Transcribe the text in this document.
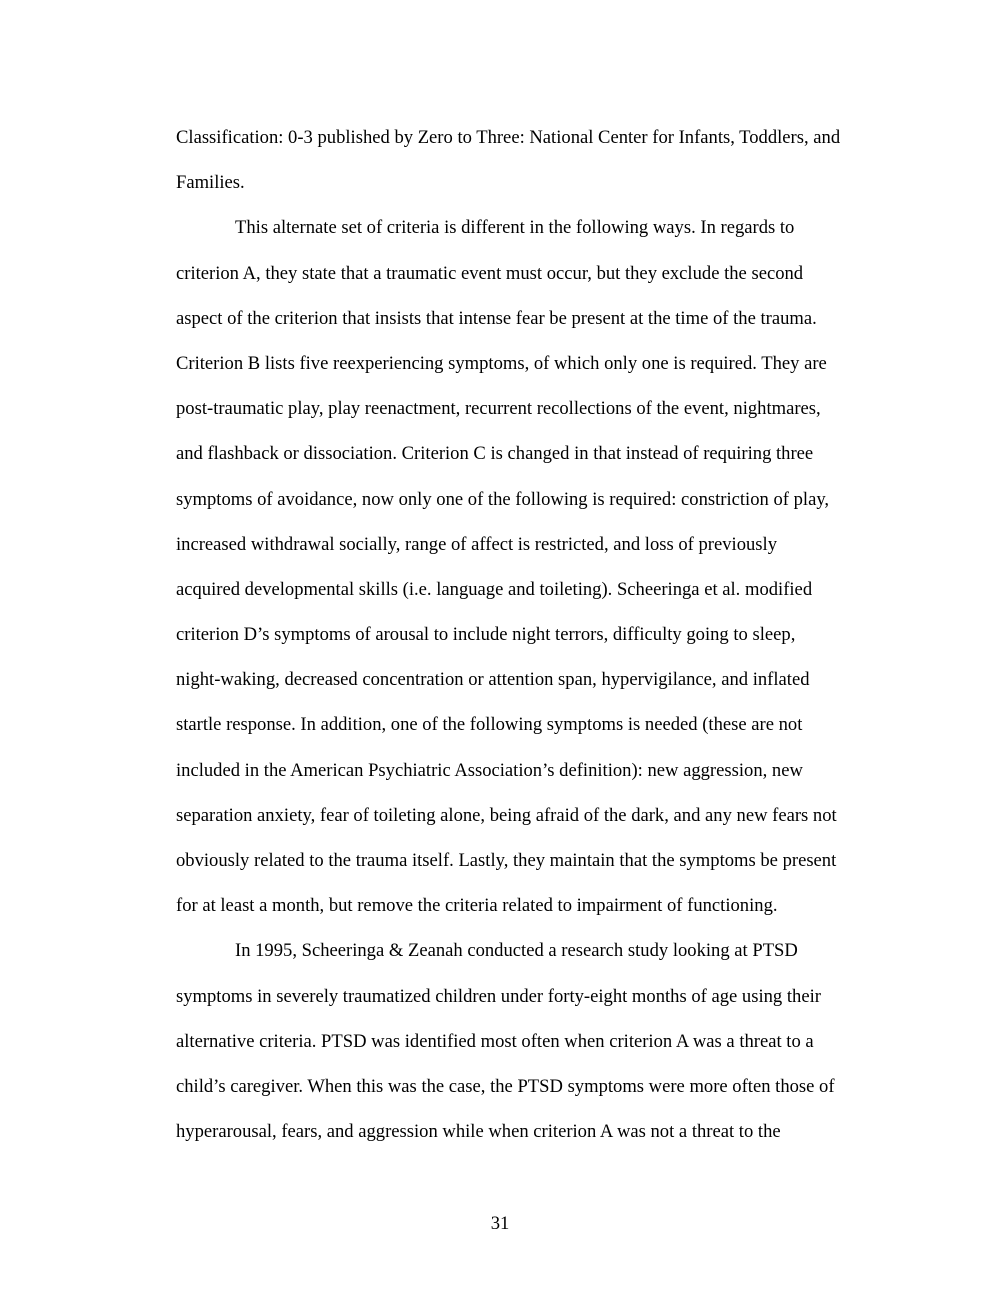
Classification: 0-3 published by Zero to Three: National Center for Infants, Toddlers, and
Families.
This alternate set of criteria is different in the following ways. In regards to
criterion A, they state that a traumatic event must occur, but they exclude the second
aspect of the criterion that insists that intense fear be present at the time of the trauma.
Criterion B lists five reexperiencing symptoms, of which only one is required. They are
post-traumatic play, play reenactment, recurrent recollections of the event, nightmares,
and flashback or dissociation. Criterion C is changed in that instead of requiring three
symptoms of avoidance, now only one of the following is required: constriction of play,
increased withdrawal socially, range of affect is restricted, and loss of previously
acquired developmental skills (i.e. language and toileting). Scheeringa et al. modified
criterion D’s symptoms of arousal to include night terrors, difficulty going to sleep,
night-waking, decreased concentration or attention span, hypervigilance, and inflated
startle response. In addition, one of the following symptoms is needed (these are not
included in the American Psychiatric Association’s definition): new aggression, new
separation anxiety, fear of toileting alone, being afraid of the dark, and any new fears not
obviously related to the trauma itself. Lastly, they maintain that the symptoms be present
for at least a month, but remove the criteria related to impairment of functioning.
In 1995, Scheeringa & Zeanah conducted a research study looking at PTSD
symptoms in severely traumatized children under forty-eight months of age using their
alternative criteria. PTSD was identified most often when criterion A was a threat to a
child’s caregiver. When this was the case, the PTSD symptoms were more often those of
hyperarousal, fears, and aggression while when criterion A was not a threat to the
31
